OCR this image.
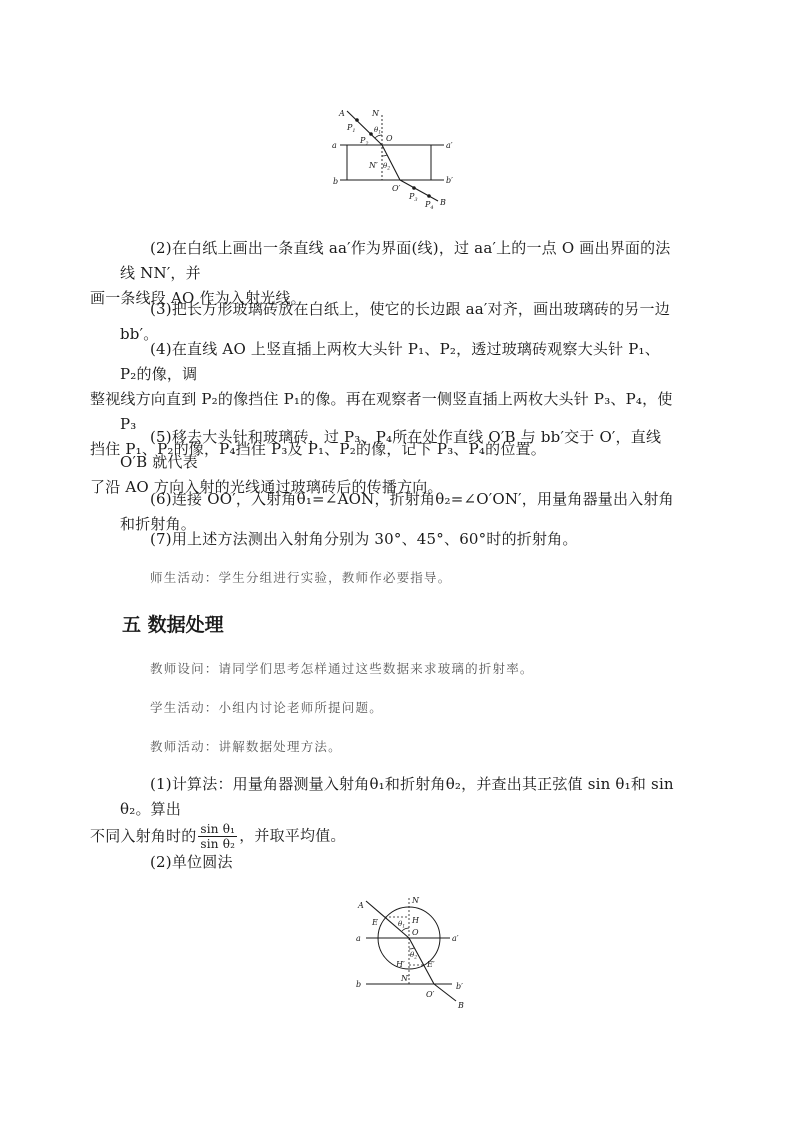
A	N
$P_1$	$\theta_1$
$P_2$
O
a	a′
N′ $\theta_2$
b	b′
O′
$P_3$ $P_4$
B

(2)在白纸上画出一条直线 aa′作为界面(线)，过 aa′上的一点 O 画出界面的法线 NN′，并
画一条线段 AO 作为入射光线。

(3)把长方形玻璃砖放在白纸上，使它的长边跟 aa′对齐，画出玻璃砖的另一边 bb′。

(4)在直线 AO 上竖直插上两枚大头针 P₁、P₂，透过玻璃砖观察大头针 P₁、P₂的像，调
整视线方向直到 P₂的像挡住 P₁的像。再在观察者一侧竖直插上两枚大头针 P₃、P₄，使 P₃
挡住 P₁、P₂的像，P₄挡住 P₃及 P₁、P₂的像，记下 P₃、P₄的位置。

(5)移去大头针和玻璃砖，过 P₃、P₄所在处作直线 O′B 与 bb′交于 O′，直线 O′B 就代表
了沿 AO 方向入射的光线通过玻璃砖后的传播方向。

(6)连接 OO′，入射角θ₁=∠AON，折射角θ₂=∠O′ON′，用量角器量出入射角和折射角。

(7)用上述方法测出入射角分别为 30°、45°、60°时的折射角。

师生活动：学生分组进行实验，教师作必要指导。

五 数据处理

教师设问：请同学们思考怎样通过这些数据来求玻璃的折射率。

学生活动：小组内讨论老师所提问题。

教师活动：讲解数据处理方法。

(1)计算法：用量角器测量入射角θ₁和折射角θ₂，并查出其正弦值 sin θ₁和 sin θ₂。算出
不同入射角时的 $\frac{\text{sin θ₁}}{\text{sin θ₂}}$ ，并取平均值。

(2)单位圆法

N
A
E	H
$\theta_1$
O
a	a′
$\theta_2$
H′	E′
N′
b	b′
O′
B
